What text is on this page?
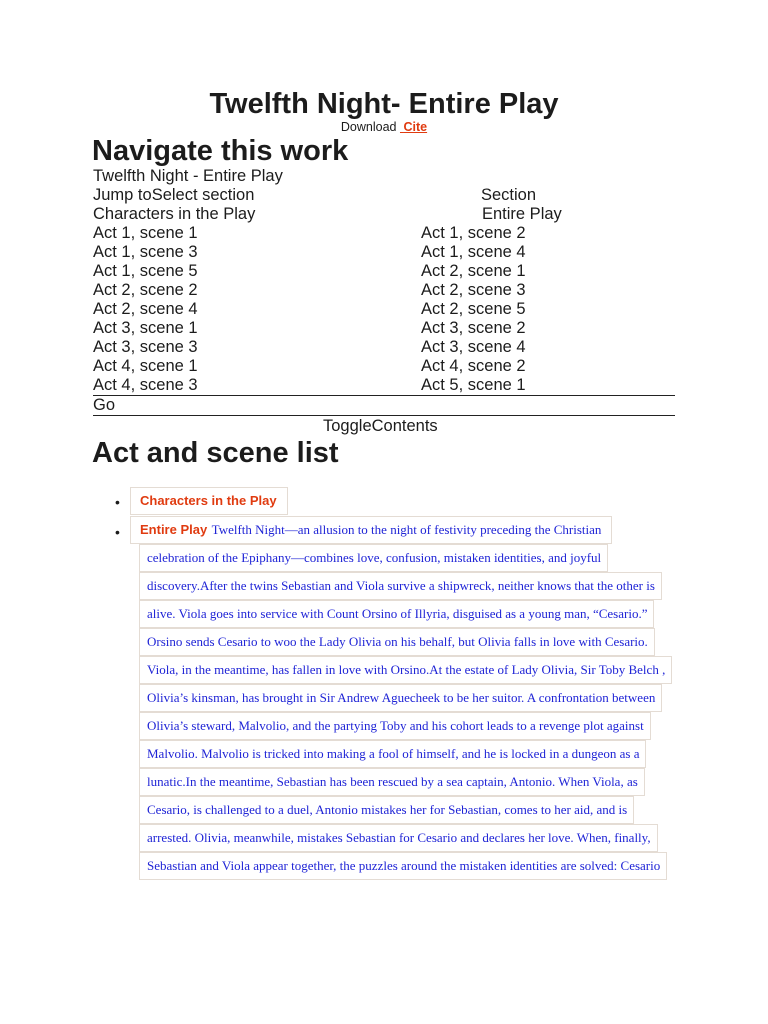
Twelfth Night- Entire Play
Download Cite
Navigate this work
Twelfth Night - Entire Play
Jump toSelect section	Section
Characters in the Play	Entire Play
Act 1, scene 1	Act 1, scene 2
Act 1, scene 3	Act 1, scene 4
Act 1, scene 5	Act 2, scene 1
Act 2, scene 2	Act 2, scene 3
Act 2, scene 4	Act 2, scene 5
Act 3, scene 1	Act 3, scene 2
Act 3, scene 3	Act 3, scene 4
Act 4, scene 1	Act 4, scene 2
Act 4, scene 3	Act 5, scene 1
Go
ToggleContents
Act and scene list
•	Characters in the Play
•	Entire Play Twelfth Night—an allusion to the night of festivity preceding the Christian
celebration of the Epiphany—combines love, confusion, mistaken identities, and joyful
discovery.After the twins Sebastian and Viola survive a shipwreck, neither knows that the other is
alive. Viola goes into service with Count Orsino of Illyria, disguised as a young man, “Cesario.”
Orsino sends Cesario to woo the Lady Olivia on his behalf, but Olivia falls in love with Cesario.
Viola, in the meantime, has fallen in love with Orsino.At the estate of Lady Olivia, Sir Toby Belch ,
Olivia’s kinsman, has brought in Sir Andrew Aguecheek to be her suitor. A confrontation between
Olivia’s steward, Malvolio, and the partying Toby and his cohort leads to a revenge plot against
Malvolio. Malvolio is tricked into making a fool of himself, and he is locked in a dungeon as a
lunatic.In the meantime, Sebastian has been rescued by a sea captain, Antonio. When Viola, as
Cesario, is challenged to a duel, Antonio mistakes her for Sebastian, comes to her aid, and is
arrested. Olivia, meanwhile, mistakes Sebastian for Cesario and declares her love. When, finally,
Sebastian and Viola appear together, the puzzles around the mistaken identities are solved: Cesario
